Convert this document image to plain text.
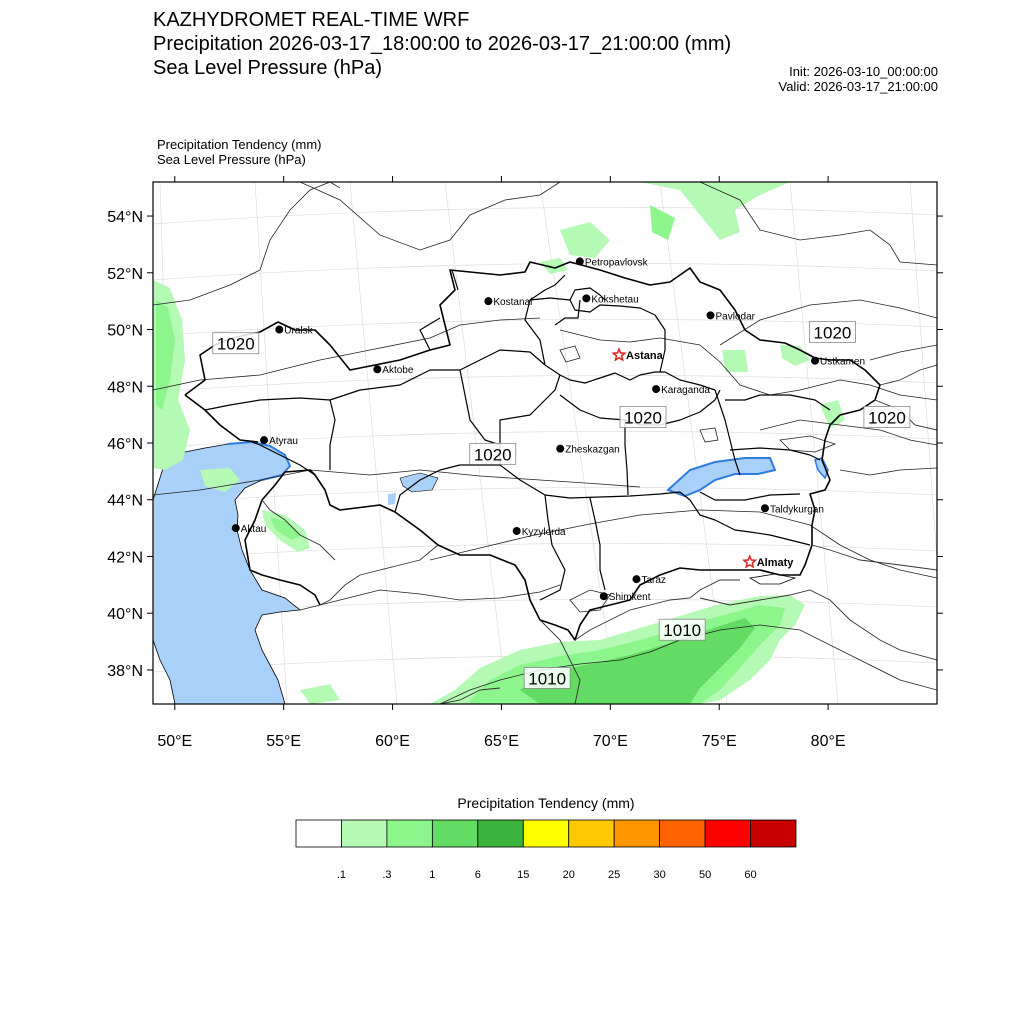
KAZHYDROMET REAL-TIME WRF
Precipitation 2026-03-17_18:00:00 to 2026-03-17_21:00:00 (mm)
Sea Level Pressure (hPa)	Init: 2026-03-10_00:00:00
Valid: 2026-03-17_21:00:00
Precipitation Tendency (mm)
Sea Level Pressure (hPa)
1020
1020
1020	1020
1020
1010
1010
Petropavlovsk
Kostanai	Kokshetau
Pavlodar
Uralsk
Astana
Ustkamen
Aktobe
Karaganda
Atyrau
Zheskazgan
Aktau	Kyzylorda
Taldykurgan
Almaty
Taraz
Shimkent
38°N
40°N
42°N
44°N
46°N
48°N
50°N
52°N
54°N
50°E	55°E	60°E	65°E	70°E	75°E	80°E
.1	.3	1	6	15	20	25	30	50	60
Precipitation Tendency (mm)
